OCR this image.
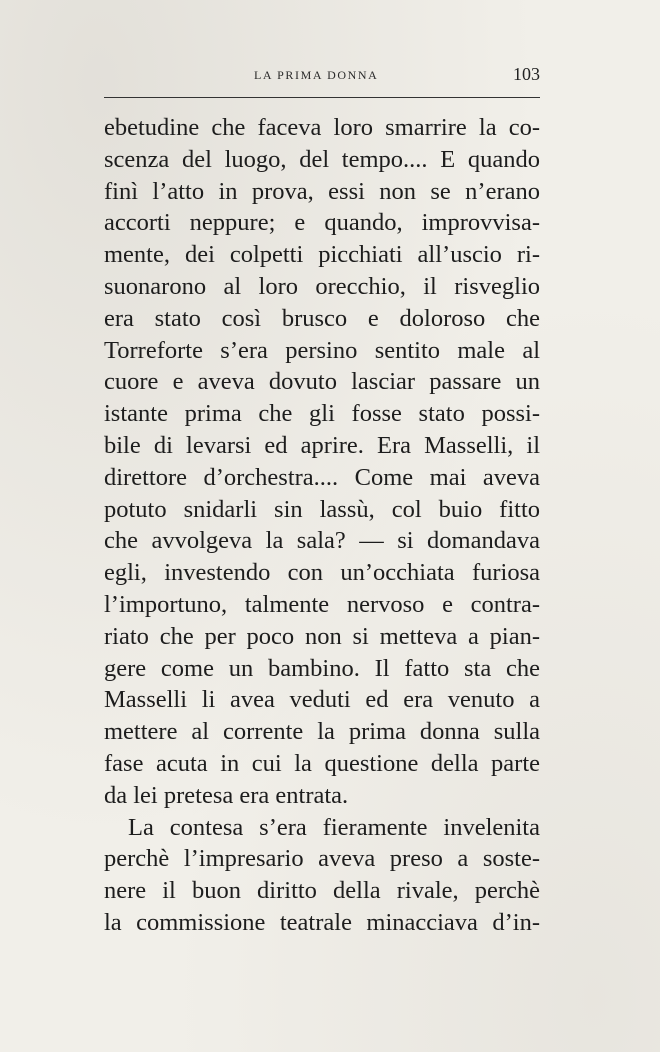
LA PRIMA DONNA	103
ebetudine che faceva loro smarrire la co-
scenza del luogo, del tempo.... E quando
finì l’atto in prova, essi non se n’erano
accorti neppure; e quando, improvvisa-
mente, dei colpetti picchiati all’uscio ri-
suonarono al loro orecchio, il risveglio
era stato così brusco e doloroso che
Torreforte s’era persino sentito male al
cuore e aveva dovuto lasciar passare un
istante prima che gli fosse stato possi-
bile di levarsi ed aprire. Era Masselli, il
direttore d’orchestra.... Come mai aveva
potuto snidarli sin lassù, col buio fitto
che avvolgeva la sala? — si domandava
egli, investendo con un’occhiata furiosa
l’importuno, talmente nervoso e contra-
riato che per poco non si metteva a pian-
gere come un bambino. Il fatto sta che
Masselli li avea veduti ed era venuto a
mettere al corrente la prima donna sulla
fase acuta in cui la questione della parte
da lei pretesa era entrata.
La contesa s’era fieramente invelenita
perchè l’impresario aveva preso a soste-
nere il buon diritto della rivale, perchè
la commissione teatrale minacciava d’in-
